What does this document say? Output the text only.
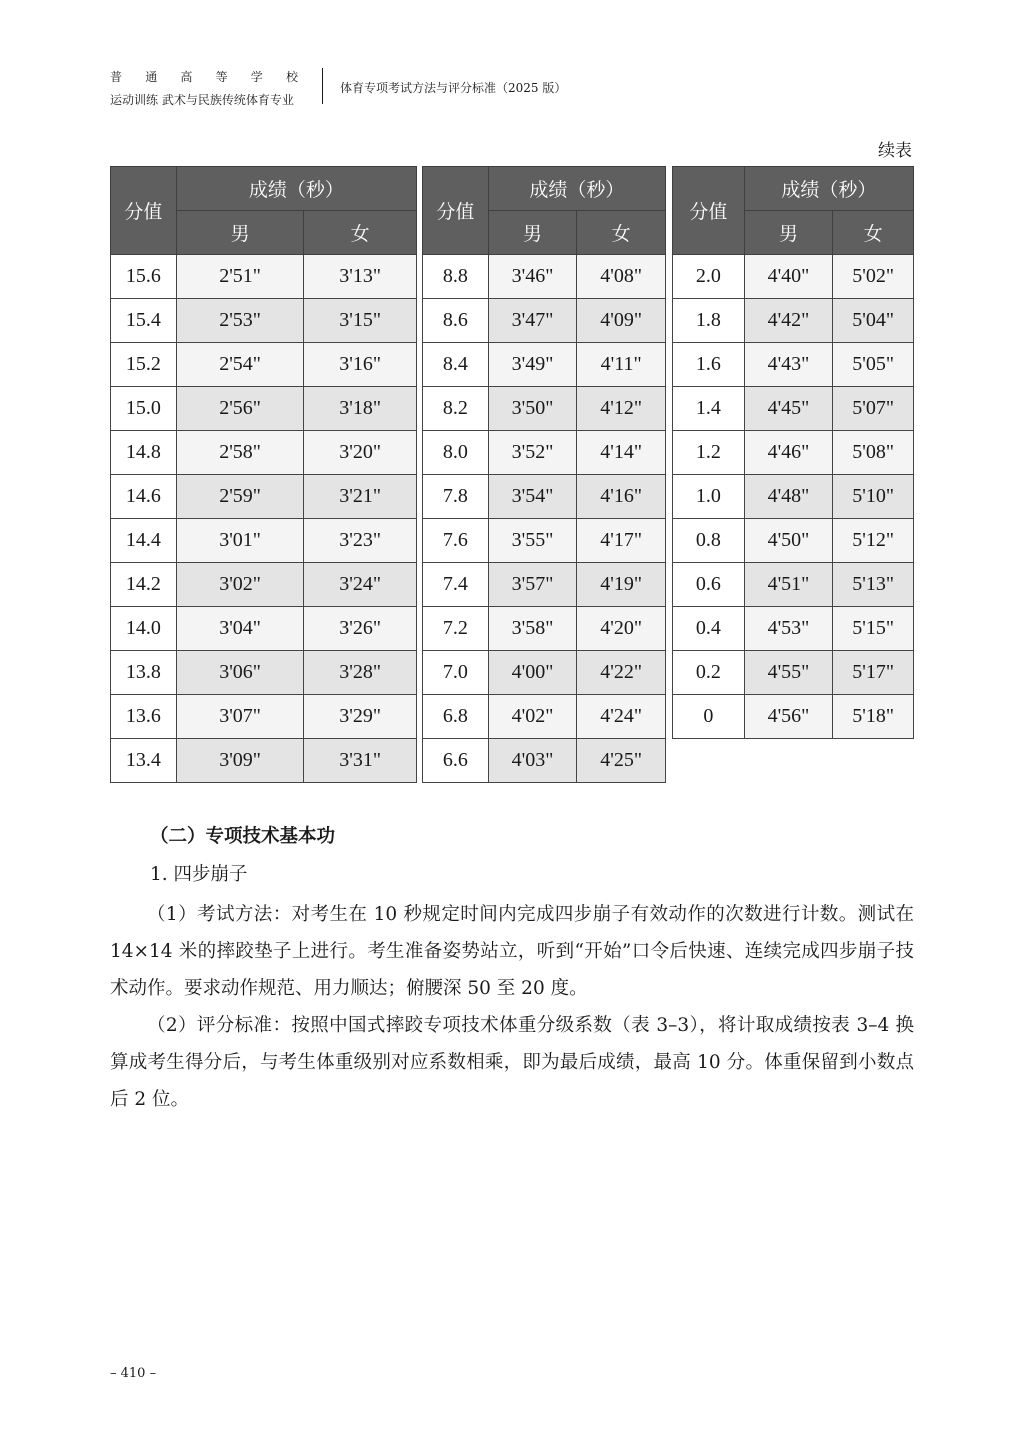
普 通 高 等 学 校
运动训练 武术与民族传统体育专业
体育专项考试方法与评分标准（2025 版）
续表
分值	成绩（秒）	
	男	女
15.6	2'51"	3'13"
15.4	2'53"	3'15"
15.2	2'54"	3'16"
15.0	2'56"	3'18"
14.8	2'58"	3'20"
14.6	2'59"	3'21"
14.4	3'01"	3'23"
14.2	3'02"	3'24"
14.0	3'04"	3'26"
13.8	3'06"	3'28"
13.6	3'07"	3'29"
13.4	3'09"	3'31"
分值	成绩（秒）	
	男	女
8.8	3'46"	4'08"
8.6	3'47"	4'09"
8.4	3'49"	4'11"
8.2	3'50"	4'12"
8.0	3'52"	4'14"
7.8	3'54"	4'16"
7.6	3'55"	4'17"
7.4	3'57"	4'19"
7.2	3'58"	4'20"
7.0	4'00"	4'22"
6.8	4'02"	4'24"
6.6	4'03"	4'25"
分值	成绩（秒）	
	男	女
2.0	4'40"	5'02"
1.8	4'42"	5'04"
1.6	4'43"	5'05"
1.4	4'45"	5'07"
1.2	4'46"	5'08"
1.0	4'48"	5'10"
0.8	4'50"	5'12"
0.6	4'51"	5'13"
0.4	4'53"	5'15"
0.2	4'55"	5'17"
0	4'56"	5'18"
（二）专项技术基本功
1. 四步崩子

（1）考试方法：对考生在 10 秒规定时间内完成四步崩子有效动作的次数进行计数。测试在 14×14 米的摔跤垫子上进行。考生准备姿势站立，听到“开始”口令后快速、连续完成四步崩子技术动作。要求动作规范、用力顺达；俯腰深 50 至 20 度。

（2）评分标准：按照中国式摔跤专项技术体重分级系数（表 3–3），将计取成绩按表 3–4 换算成考生得分后，与考生体重级别对应系数相乘，即为最后成绩，最高 10 分。体重保留到小数点后 2 位。

– 410 –
